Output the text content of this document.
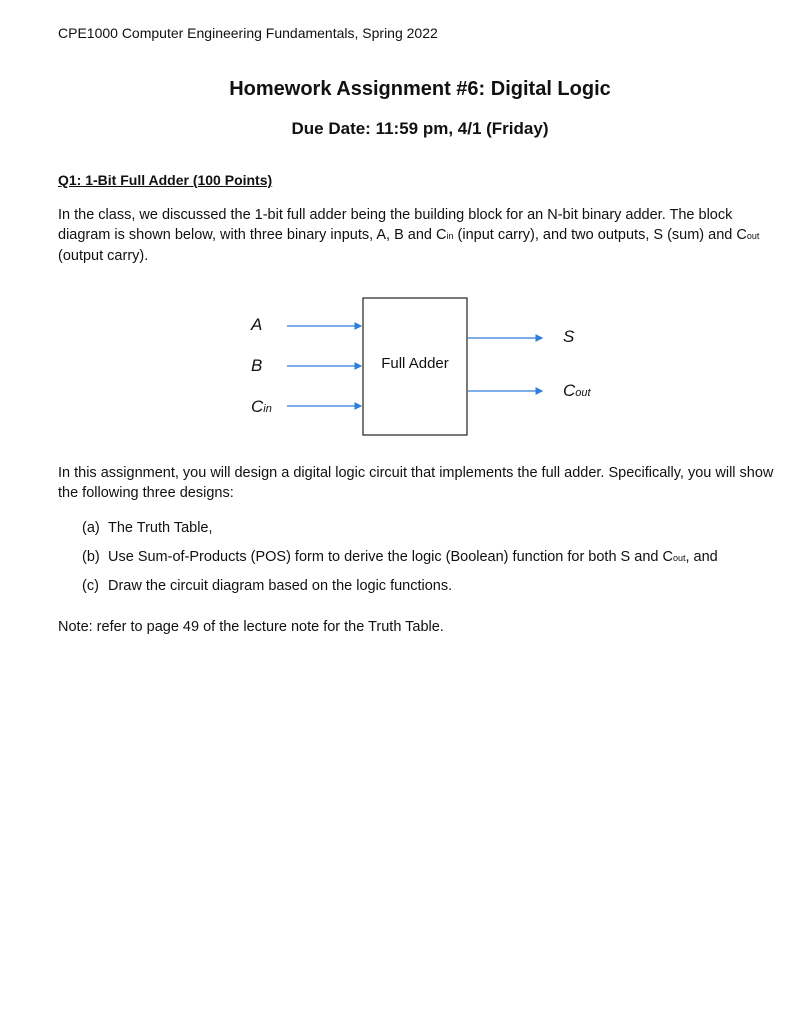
CPE1000 Computer Engineering Fundamentals, Spring 2022
Homework Assignment #6: Digital Logic
Due Date: 11:59 pm, 4/1 (Friday)
Q1: 1-Bit Full Adder (100 Points)
In the class, we discussed the 1-bit full adder being the building block for an N-bit binary adder. The block diagram is shown below, with three binary inputs, A, B and Cin (input carry), and two outputs, S (sum) and Cout (output carry).
Full Adder
A
B
Cin
S
Cout
In this assignment, you will design a digital logic circuit that implements the full adder. Specifically, you will show the following three designs:
(a) The Truth Table,
(b) Use Sum-of-Products (POS) form to derive the logic (Boolean) function for both S and Cout, and
(c) Draw the circuit diagram based on the logic functions.
Note: refer to page 49 of the lecture note for the Truth Table.
